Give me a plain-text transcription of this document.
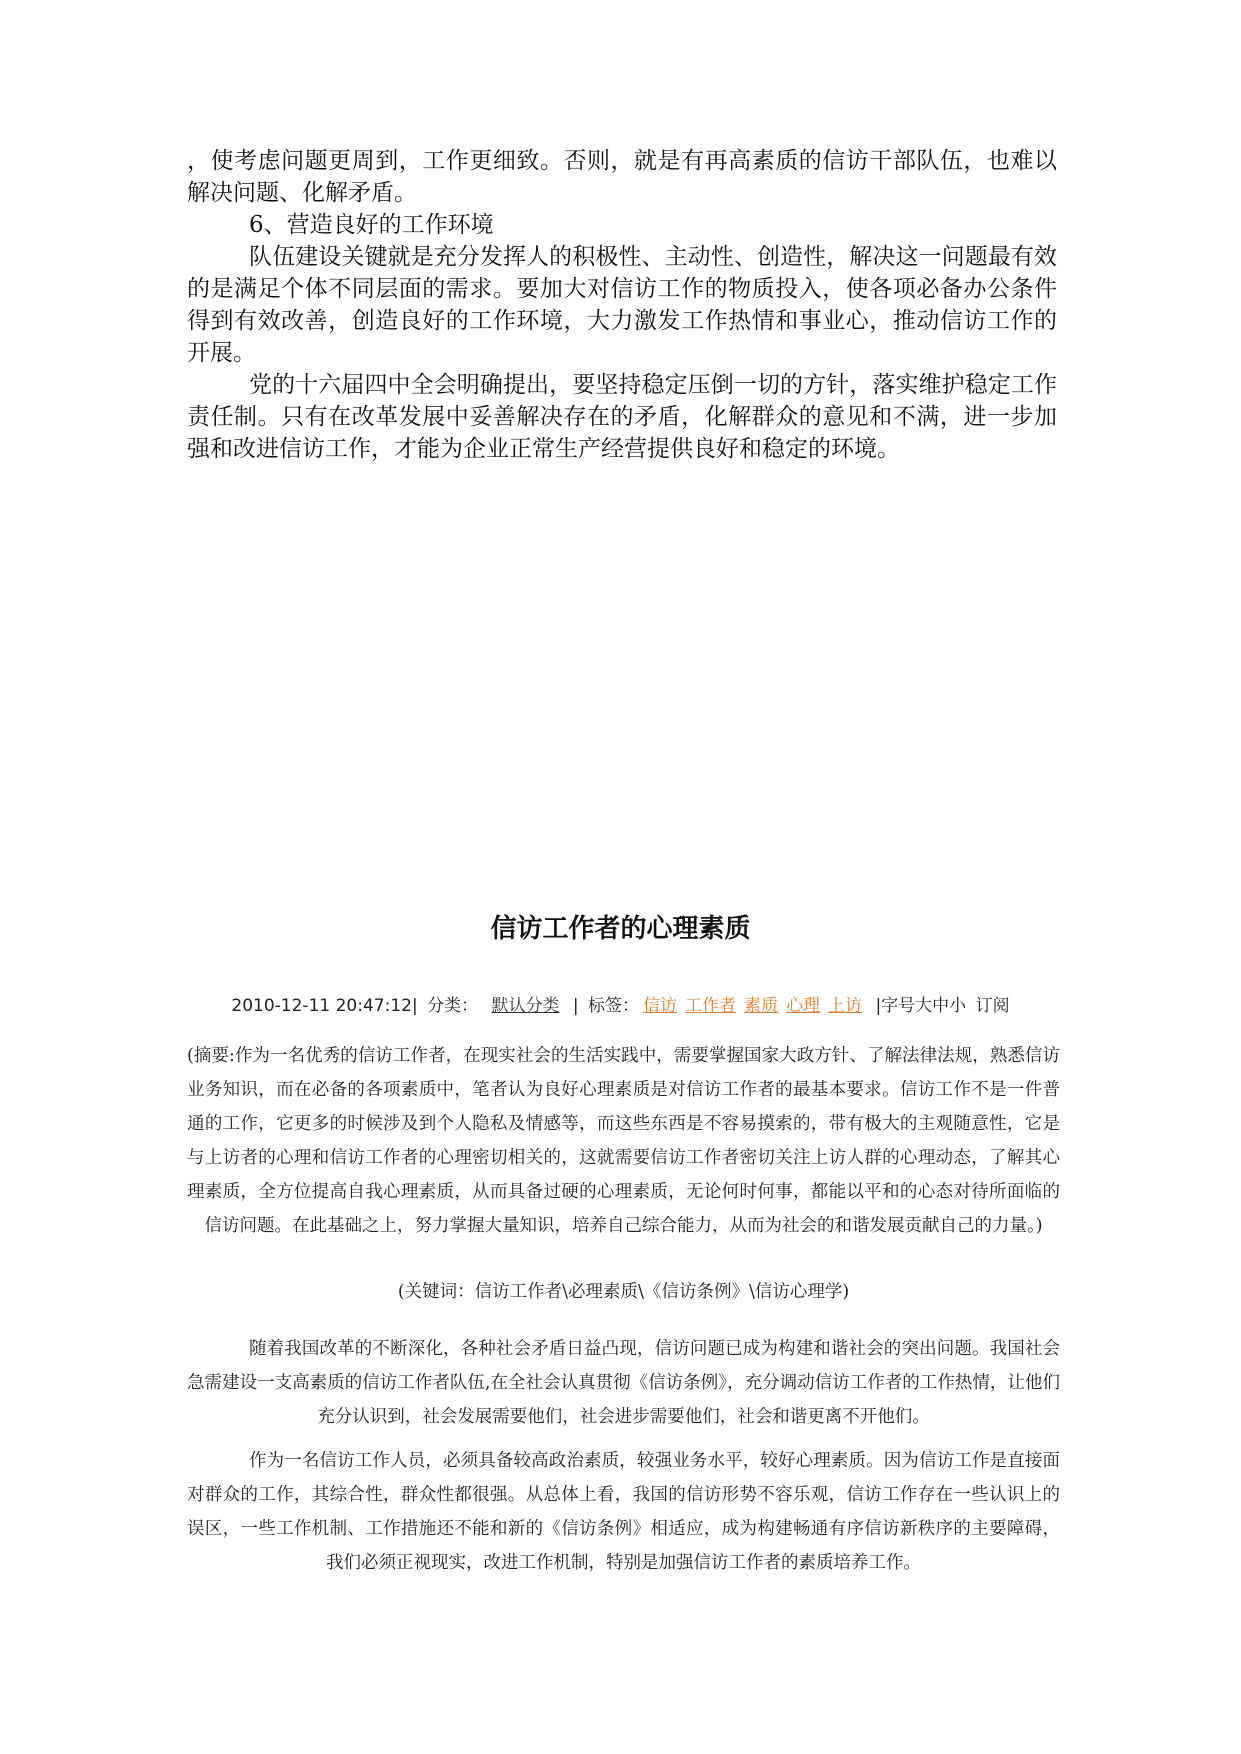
，使考虑问题更周到，工作更细致。否则，就是有再高素质的信访干部队伍，也难以解决问题、化解矛盾。

6、营造良好的工作环境

队伍建设关键就是充分发挥人的积极性、主动性、创造性，解决这一问题最有效的是满足个体不同层面的需求。要加大对信访工作的物质投入，使各项必备办公条件得到有效改善，创造良好的工作环境，大力激发工作热情和事业心，推动信访工作的开展。

党的十六届四中全会明确提出，要坚持稳定压倒一切的方针，落实维护稳定工作责任制。只有在改革发展中妥善解决存在的矛盾，化解群众的意见和不满，进一步加强和改进信访工作，才能为企业正常生产经营提供良好和稳定的环境。

信访工作者的心理素质
2010-12-11 20:47:12| 分类： 默认分类 | 标签： 信访 工作者 素质 心理 上访 |字号大中小 订阅

(摘要:作为一名优秀的信访工作者，在现实社会的生活实践中，需要掌握国家大政方针、了解法律法规，熟悉信访业务知识，而在必备的各项素质中，笔者认为良好心理素质是对信访工作者的最基本要求。信访工作不是一件普通的工作，它更多的时候涉及到个人隐私及情感等，而这些东西是不容易摸索的，带有极大的主观随意性，它是与上访者的心理和信访工作者的心理密切相关的，这就需要信访工作者密切关注上访人群的心理动态，了解其心理素质，全方位提高自我心理素质，从而具备过硬的心理素质，无论何时何事，都能以平和的心态对待所面临的信访问题。在此基础之上，努力掌握大量知识，培养自己综合能力，从而为社会的和谐发展贡献自己的力量。)

(关键词：信访工作者\必理素质\《信访条例》\信访心理学)

随着我国改革的不断深化，各种社会矛盾日益凸现，信访问题已成为构建和谐社会的突出问题。我国社会急需建设一支高素质的信访工作者队伍,在全社会认真贯彻《信访条例》，充分调动信访工作者的工作热情，让他们充分认识到，社会发展需要他们，社会进步需要他们，社会和谐更离不开他们。

作为一名信访工作人员，必须具备较高政治素质，较强业务水平，较好心理素质。因为信访工作是直接面对群众的工作，其综合性，群众性都很强。从总体上看，我国的信访形势不容乐观，信访工作存在一些认识上的误区，一些工作机制、工作措施还不能和新的《信访条例》相适应，成为构建畅通有序信访新秩序的主要障碍，我们必须正视现实，改进工作机制，特别是加强信访工作者的素质培养工作。
